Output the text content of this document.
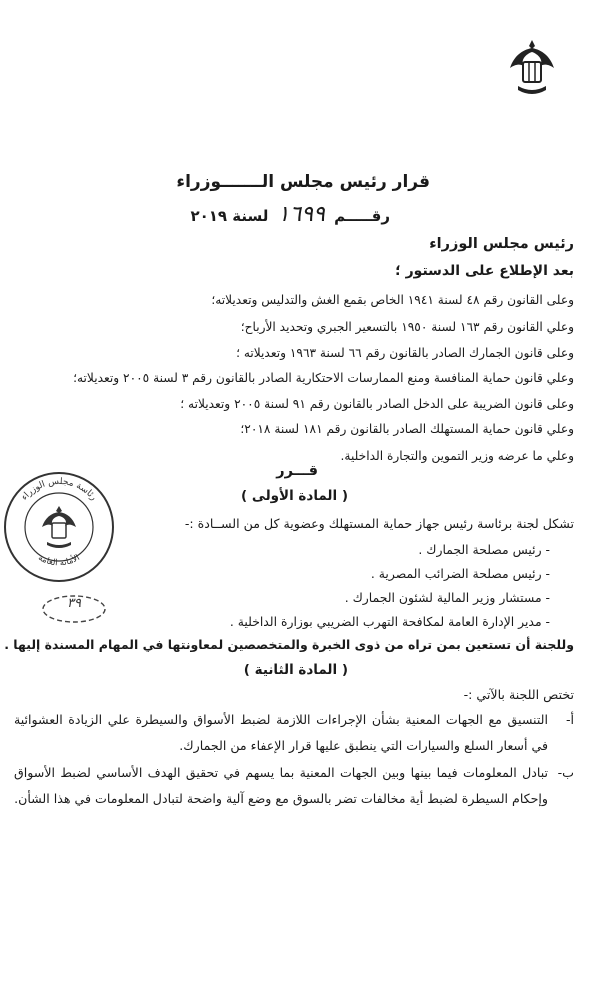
قرار رئيس مجلس الـــــــوزراء
رقـــــم ١٦٩٩ لسنة ٢٠١٩
رئيس مجلس الوزراء
بعد الإطلاع على الدستور ؛
وعلى القانون رقم ٤٨ لسنة ١٩٤١ الخاص بقمع الغش والتدليس وتعديلاته؛
وعلي القانون رقم ١٦٣ لسنة ١٩٥٠ بالتسعير الجبري وتحديد الأرباح؛
وعلى قانون الجمارك الصادر بالقانون رقم ٦٦ لسنة ١٩٦٣ وتعديلاته ؛
وعلي قانون حماية المنافسة ومنع الممارسات الاحتكارية الصادر بالقانون رقم ٣ لسنة ٢٠٠٥ وتعديلاته؛
وعلى قانون الضريبة على الدخل الصادر بالقانون رقم ٩١ لسنة ٢٠٠٥ وتعديلاته ؛
وعلي قانون حماية المستهلك الصادر بالقانون رقم ١٨١ لسنة ٢٠١٨؛
وعلي ما عرضه وزير التموين والتجارة الداخلية.
قـــرر
( المادة الأولى )
تشكل لجنة برئاسة رئيس جهاز حماية المستهلك وعضوية كل من الســادة :-
- رئيس مصلحة الجمارك .
- رئيس مصلحة الضرائب المصرية .
- مستشار وزير المالية لشئون الجمارك .
- مدير الإدارة العامة لمكافحة التهرب الضريبي بوزارة الداخلية .
وللجنة أن تستعين بمن تراه من ذوى الخبرة والمتخصصين لمعاونتها في المهام المسندة إليها .
( المادة الثانية )
تختص اللجنة بالآتي :-
أ-
التنسيق مع الجهات المعنية بشأن الإجراءات اللازمة لضبط الأسواق والسيطرة علي الزيادة العشوائية في أسعار السلع والسيارات التي ينطبق عليها قرار الإعفاء من الجمارك.
ب-
تبادل المعلومات فيما بينها وبين الجهات المعنية بما يسهم في تحقيق الهدف الأساسي لضبط الأسواق وإحكام السيطرة لضبط أية مخالفات تضر بالسوق مع وضع آلية واضحة لتبادل المعلومات في هذا الشأن.
رئاسة مجلس الوزراء
الأمانة العامة
٣٩
